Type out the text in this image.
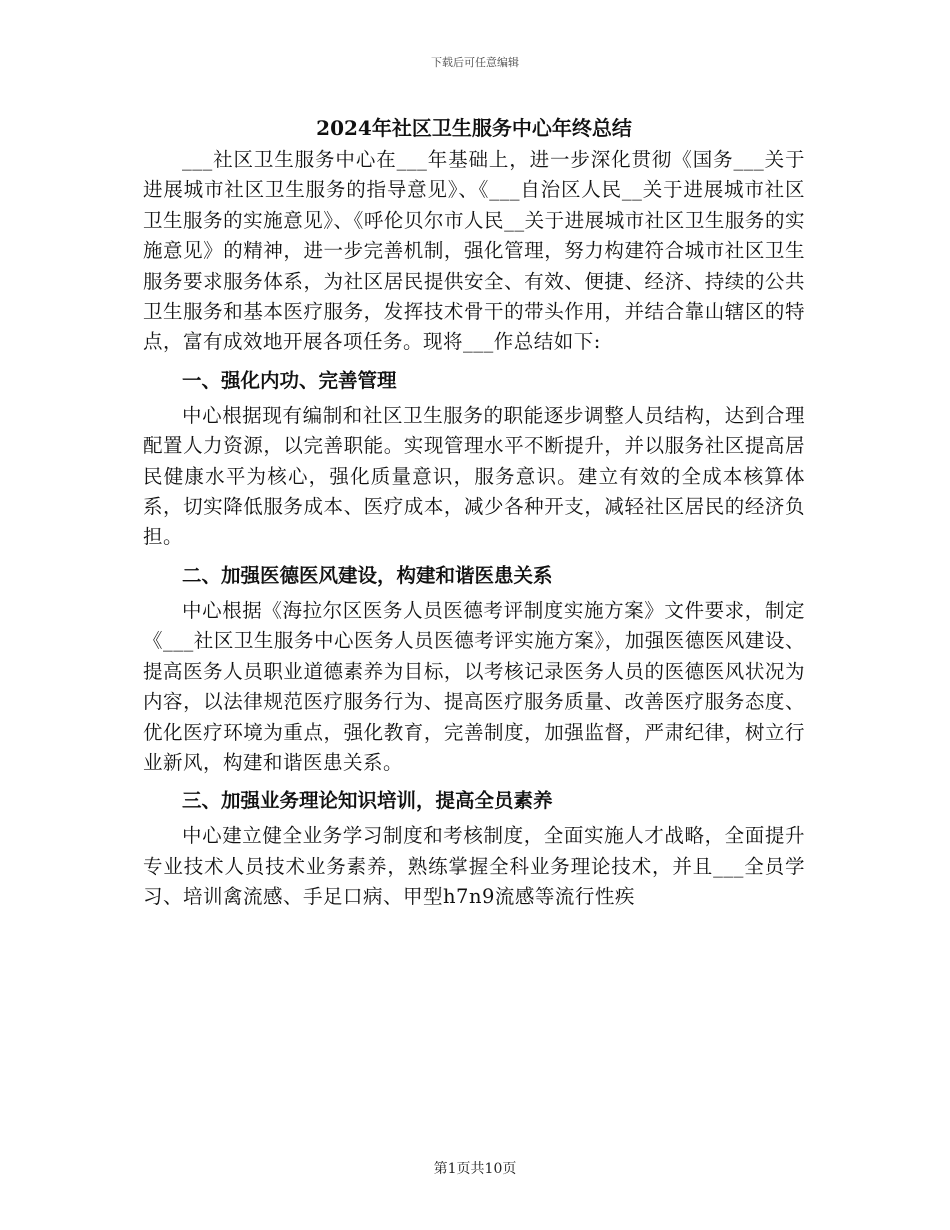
下载后可任意编辑
2024年社区卫生服务中心年终总结

___社区卫生服务中心在___年基础上，进一步深化贯彻《国务___关于进展城市社区卫生服务的指导意见》、《___自治区人民__关于进展城市社区卫生服务的实施意见》、《呼伦贝尔市人民__关于进展城市社区卫生服务的实施意见》的精神，进一步完善机制，强化管理，努力构建符合城市社区卫生服务要求服务体系，为社区居民提供安全、有效、便捷、经济、持续的公共卫生服务和基本医疗服务，发挥技术骨干的带头作用，并结合靠山辖区的特点，富有成效地开展各项任务。现将___作总结如下:

一、强化内功、完善管理

中心根据现有编制和社区卫生服务的职能逐步调整人员结构，达到合理配置人力资源，以完善职能。实现管理水平不断提升，并以服务社区提高居民健康水平为核心，强化质量意识，服务意识。建立有效的全成本核算体系，切实降低服务成本、医疗成本，减少各种开支，减轻社区居民的经济负担。

二、加强医德医风建设，构建和谐医患关系

中心根据《海拉尔区医务人员医德考评制度实施方案》文件要求，制定《___社区卫生服务中心医务人员医德考评实施方案》，加强医德医风建设、提高医务人员职业道德素养为目标，以考核记录医务人员的医德医风状况为内容，以法律规范医疗服务行为、提高医疗服务质量、改善医疗服务态度、优化医疗环境为重点，强化教育，完善制度，加强监督，严肃纪律，树立行业新风，构建和谐医患关系。

三、加强业务理论知识培训，提高全员素养

中心建立健全业务学习制度和考核制度，全面实施人才战略，全面提升专业技术人员技术业务素养，熟练掌握全科业务理论技术，并且___全员学习、培训禽流感、手足口病、甲型h7n9流感等流行性疾

第1页共10页
